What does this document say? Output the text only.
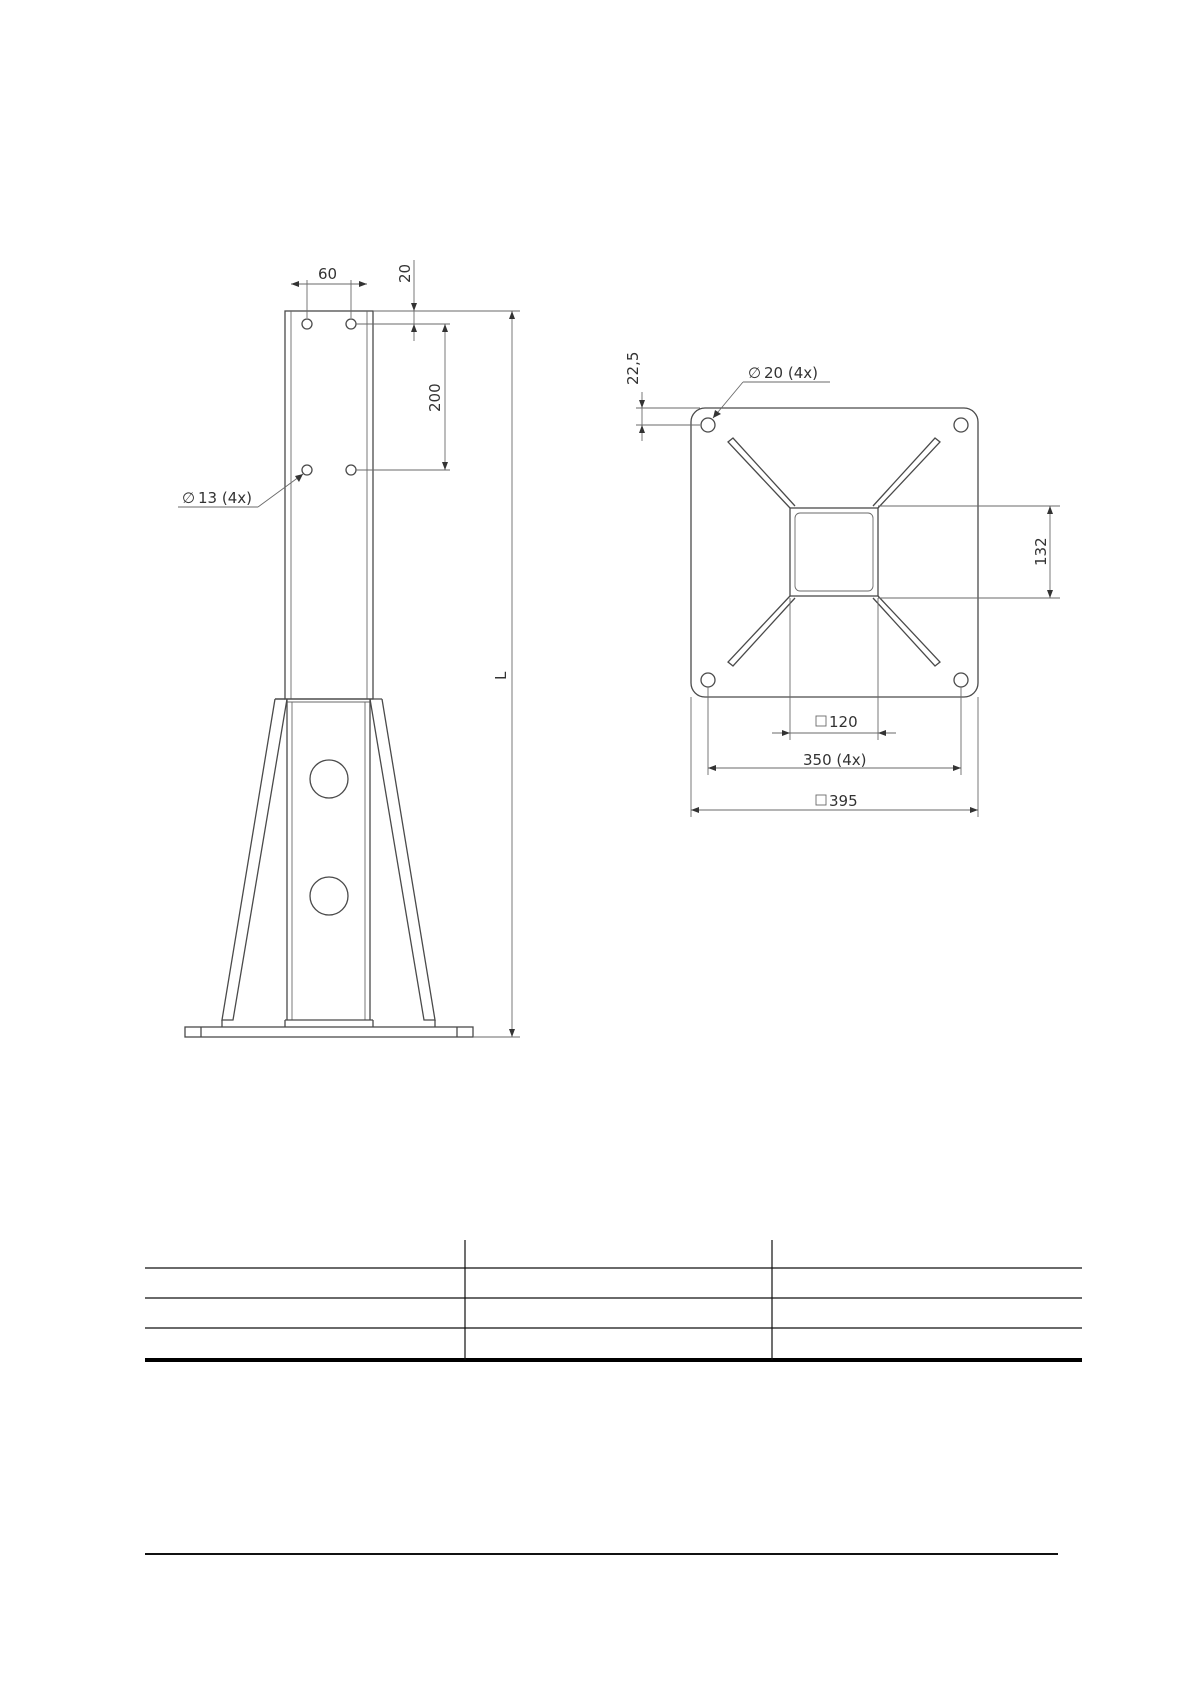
60	20
200
∅ 13 (4x)
L
22,5	∅ 20 (4x)
132
120
350 (4x)
395
